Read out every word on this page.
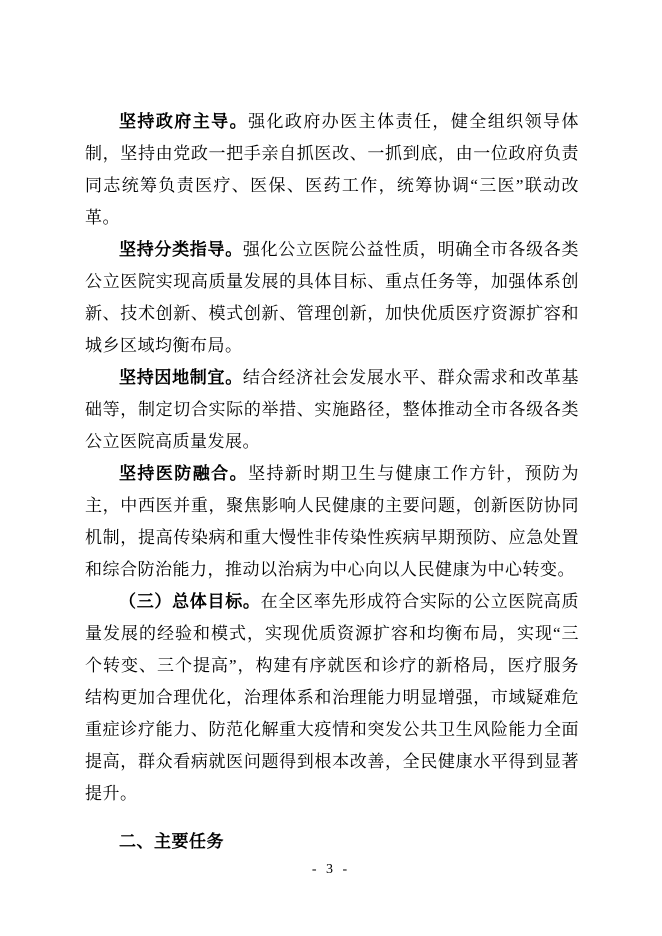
坚持政府主导。强化政府办医主体责任，健全组织领导体制，坚持由党政一把手亲自抓医改、一抓到底，由一位政府负责同志统筹负责医疗、医保、医药工作，统筹协调“三医”联动改革。

坚持分类指导。强化公立医院公益性质，明确全市各级各类公立医院实现高质量发展的具体目标、重点任务等，加强体系创新、技术创新、模式创新、管理创新，加快优质医疗资源扩容和城乡区域均衡布局。

坚持因地制宜。结合经济社会发展水平、群众需求和改革基础等，制定切合实际的举措、实施路径，整体推动全市各级各类公立医院高质量发展。

坚持医防融合。坚持新时期卫生与健康工作方针，预防为主，中西医并重，聚焦影响人民健康的主要问题，创新医防协同机制，提高传染病和重大慢性非传染性疾病早期预防、应急处置和综合防治能力，推动以治病为中心向以人民健康为中心转变。

（三）总体目标。在全区率先形成符合实际的公立医院高质量发展的经验和模式，实现优质资源扩容和均衡布局，实现“三个转变、三个提高”，构建有序就医和诊疗的新格局，医疗服务结构更加合理优化，治理体系和治理能力明显增强，市域疑难危重症诊疗能力、防范化解重大疫情和突发公共卫生风险能力全面提高，群众看病就医问题得到根本改善，全民健康水平得到显著提升。

二、主要任务

- 3 -
